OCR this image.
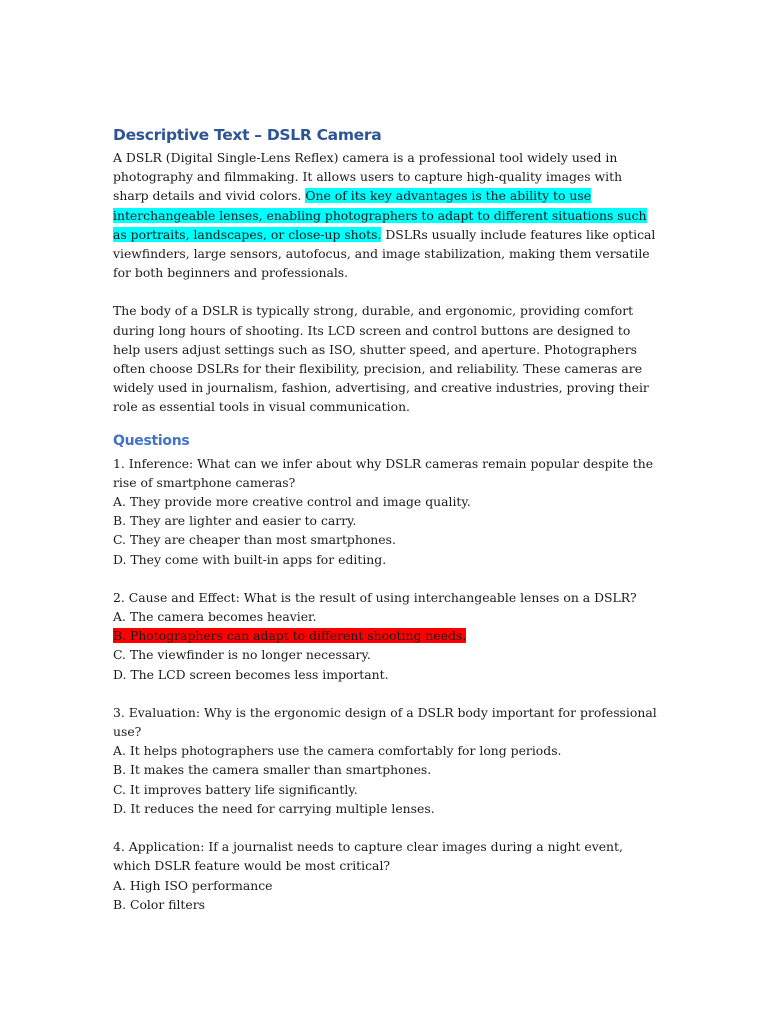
Descriptive Text – DSLR Camera

A DSLR (Digital Single-Lens Reflex) camera is a professional tool widely used in photography and filmmaking. It allows users to capture high-quality images with sharp details and vivid colors. One of its key advantages is the ability to use interchangeable lenses, enabling photographers to adapt to different situations such as portraits, landscapes, or close-up shots. DSLRs usually include features like optical viewfinders, large sensors, autofocus, and image stabilization, making them versatile for both beginners and professionals.

The body of a DSLR is typically strong, durable, and ergonomic, providing comfort during long hours of shooting. Its LCD screen and control buttons are designed to help users adjust settings such as ISO, shutter speed, and aperture. Photographers often choose DSLRs for their flexibility, precision, and reliability. These cameras are widely used in journalism, fashion, advertising, and creative industries, proving their role as essential tools in visual communication.

Questions

1. Inference: What can we infer about why DSLR cameras remain popular despite the rise of smartphone cameras?

A. They provide more creative control and image quality.
B. They are lighter and easier to carry.
C. They are cheaper than most smartphones.
D. They come with built-in apps for editing.

2. Cause and Effect: What is the result of using interchangeable lenses on a DSLR?

A. The camera becomes heavier.
B. Photographers can adapt to different shooting needs.
C. The viewfinder is no longer necessary.
D. The LCD screen becomes less important.

3. Evaluation: Why is the ergonomic design of a DSLR body important for professional use?

A. It helps photographers use the camera comfortably for long periods.
B. It makes the camera smaller than smartphones.
C. It improves battery life significantly.
D. It reduces the need for carrying multiple lenses.

4. Application: If a journalist needs to capture clear images during a night event, which DSLR feature would be most critical?

A. High ISO performance
B. Color filters
